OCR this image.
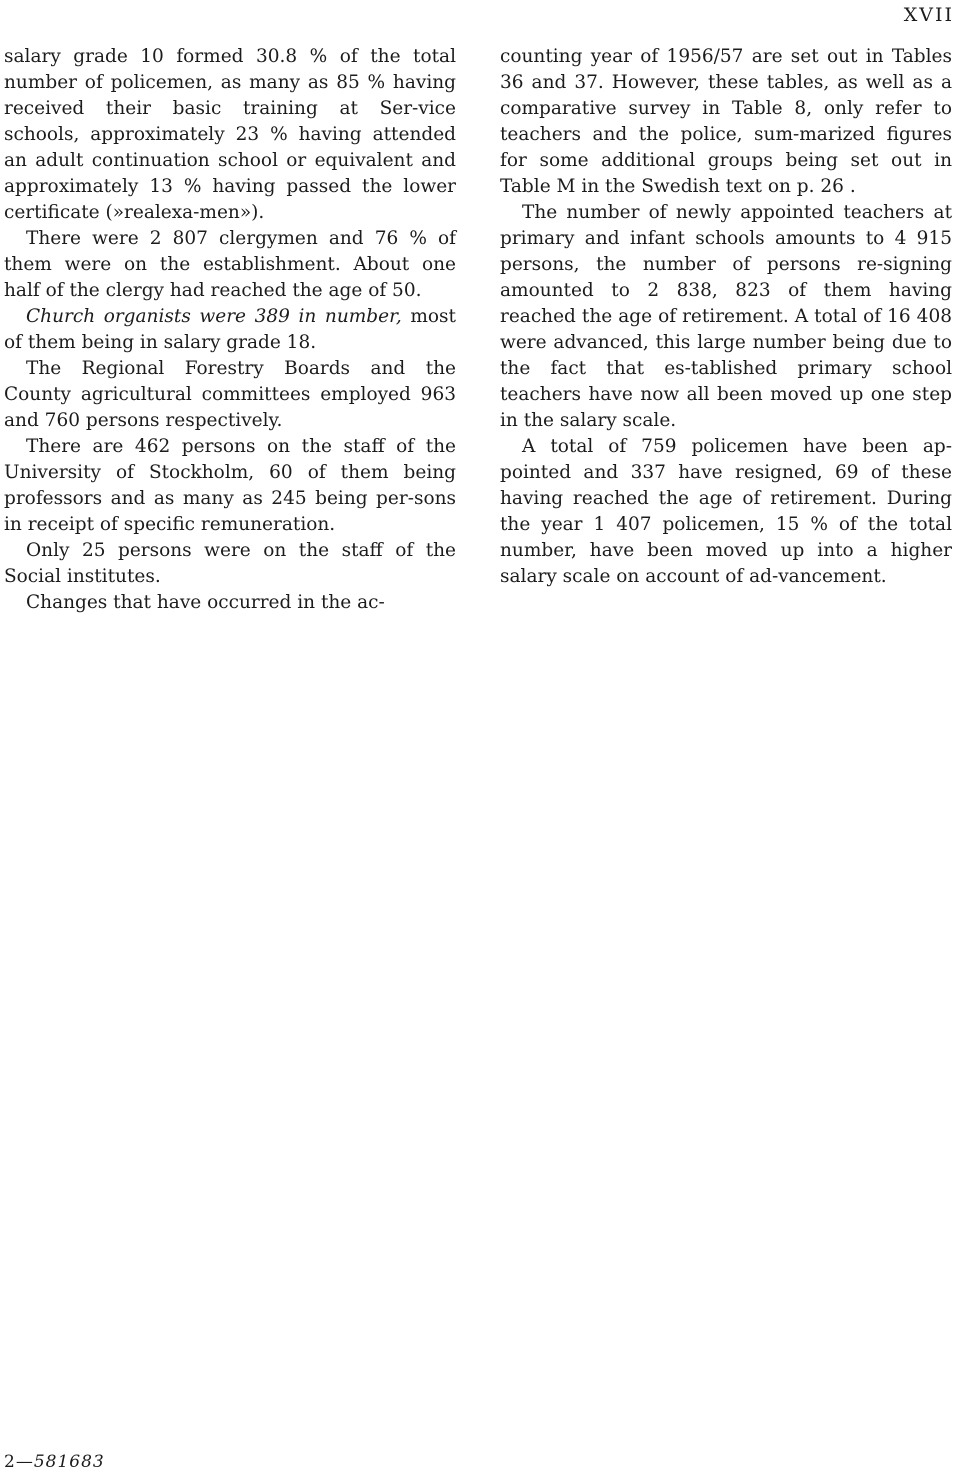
XVII

salary grade 10 formed 30.8 % of the total number of policemen, as many as 85 % having received their basic training at Ser-vice schools, approximately 23 % having attended an adult continuation school or equivalent and approximately 13 % having passed the lower certificate (»realexa-men»).

There were 2 807 clergymen and 76 % of them were on the establishment. About one half of the clergy had reached the age of 50.

Church organists were 389 in number, most of them being in salary grade 18.

The Regional Forestry Boards and the County agricultural committees employed 963 and 760 persons respectively.

There are 462 persons on the staff of the University of Stockholm, 60 of them being professors and as many as 245 being per-sons in receipt of specific remuneration.

Only 25 persons were on the staff of the Social institutes.

Changes that have occurred in the ac-

counting year of 1956/57 are set out in Tables 36 and 37. However, these tables, as well as a comparative survey in Table 8, only refer to teachers and the police, sum-marized figures for some additional groups being set out in Table M in the Swedish text on p. 26 .

The number of newly appointed teachers at primary and infant schools amounts to 4 915 persons, the number of persons re-signing amounted to 2 838, 823 of them having reached the age of retirement. A total of 16 408 were advanced, this large number being due to the fact that es-tablished primary school teachers have now all been moved up one step in the salary scale.

A total of 759 policemen have been ap-pointed and 337 have resigned, 69 of these having reached the age of retirement. During the year 1 407 policemen, 15 % of the total number, have been moved up into a higher salary scale on account of ad-vancement.

2—581683
